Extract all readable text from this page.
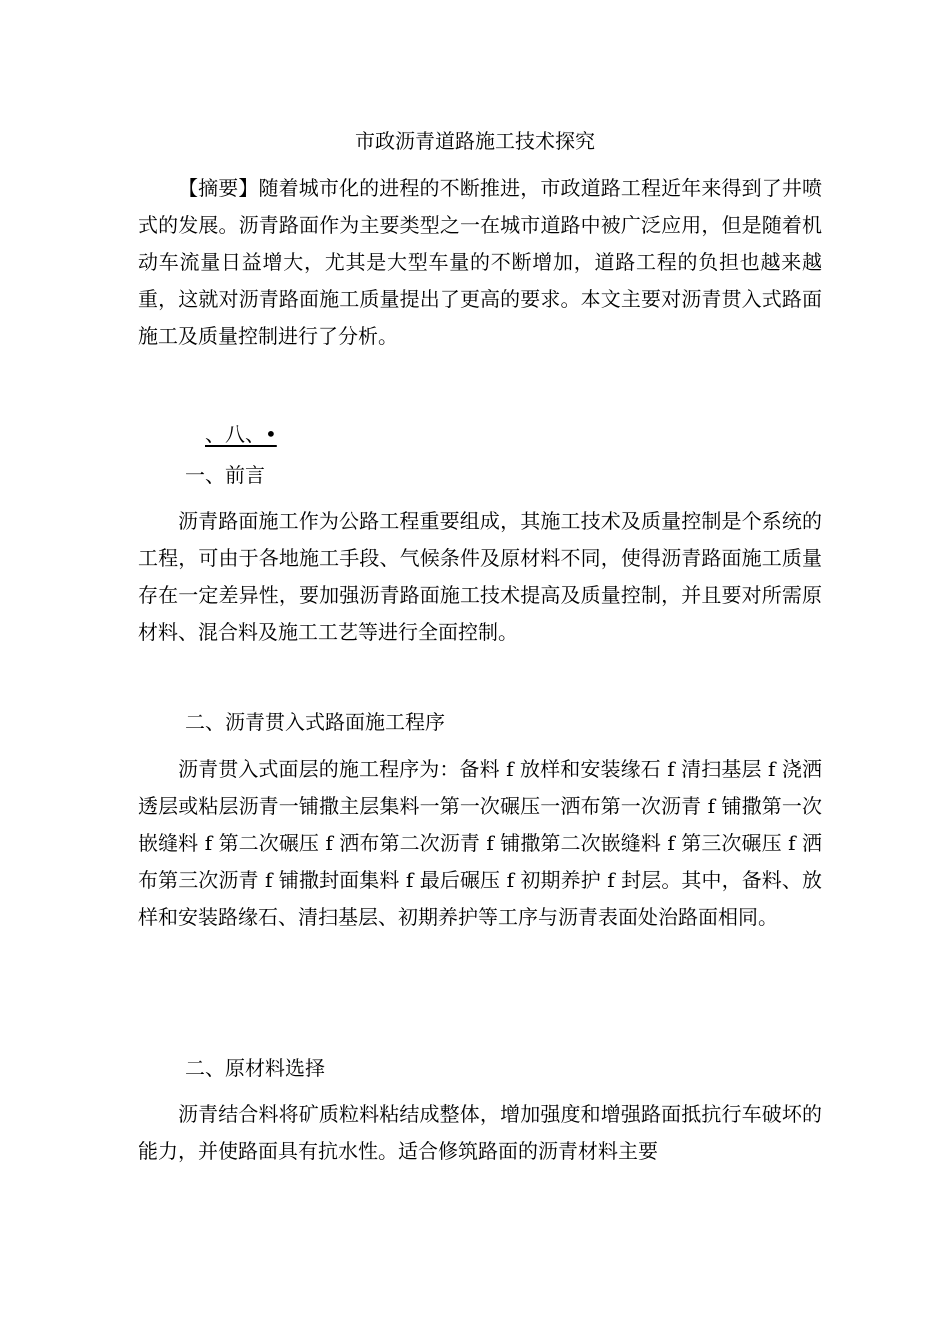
市政沥青道路施工技术探究

【摘要】随着城市化的进程的不断推进，市政道路工程近年来得到了井喷式的发展。沥青路面作为主要类型之一在城市道路中被广泛应用，但是随着机动车流量日益增大，尤其是大型车量的不断增加，道路工程的负担也越来越重，这就对沥青路面施工质量提出了更高的要求。本文主要对沥青贯入式路面施工及质量控制进行了分析。

、八、•
一、前言

沥青路面施工作为公路工程重要组成，其施工技术及质量控制是个系统的工程，可由于各地施工手段、气候条件及原材料不同，使得沥青路面施工质量存在一定差异性，要加强沥青路面施工技术提高及质量控制，并且要对所需原材料、混合料及施工工艺等进行全面控制。

二、沥青贯入式路面施工程序

沥青贯入式面层的施工程序为：备料 f 放样和安装缘石 f 清扫基层 f 浇洒透层或粘层沥青一铺撒主层集料一第一次碾压一洒布第一次沥青 f 铺撒第一次嵌缝料 f 第二次碾压 f 洒布第二次沥青 f 铺撒第二次嵌缝料 f 第三次碾压 f 洒布第三次沥青 f 铺撒封面集料 f 最后碾压 f 初期养护 f 封层。其中，备料、放样和安装路缘石、清扫基层、初期养护等工序与沥青表面处治路面相同。

二、原材料选择

沥青结合料将矿质粒料粘结成整体，增加强度和增强路面抵抗行车破坏的能力，并使路面具有抗水性。适合修筑路面的沥青材料主要
